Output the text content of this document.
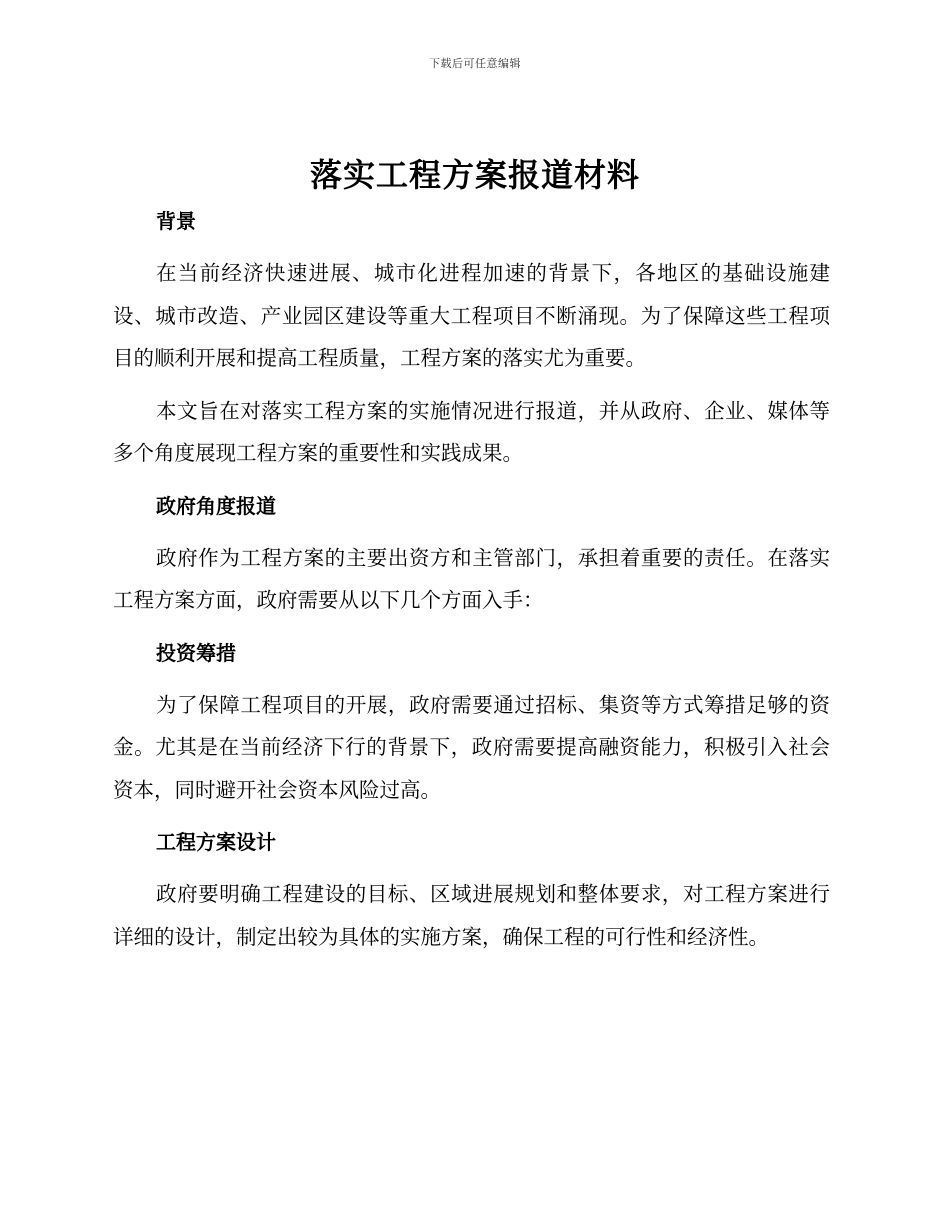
下载后可任意编辑
落实工程方案报道材料

背景

在当前经济快速进展、城市化进程加速的背景下，各地区的基础设施建设、城市改造、产业园区建设等重大工程项目不断涌现。为了保障这些工程项目的顺利开展和提高工程质量，工程方案的落实尤为重要。

本文旨在对落实工程方案的实施情况进行报道，并从政府、企业、媒体等多个角度展现工程方案的重要性和实践成果。

政府角度报道

政府作为工程方案的主要出资方和主管部门，承担着重要的责任。在落实工程方案方面，政府需要从以下几个方面入手：

投资筹措

为了保障工程项目的开展，政府需要通过招标、集资等方式筹措足够的资金。尤其是在当前经济下行的背景下，政府需要提高融资能力，积极引入社会资本，同时避开社会资本风险过高。

工程方案设计

政府要明确工程建设的目标、区域进展规划和整体要求，对工程方案进行详细的设计，制定出较为具体的实施方案，确保工程的可行性和经济性。
